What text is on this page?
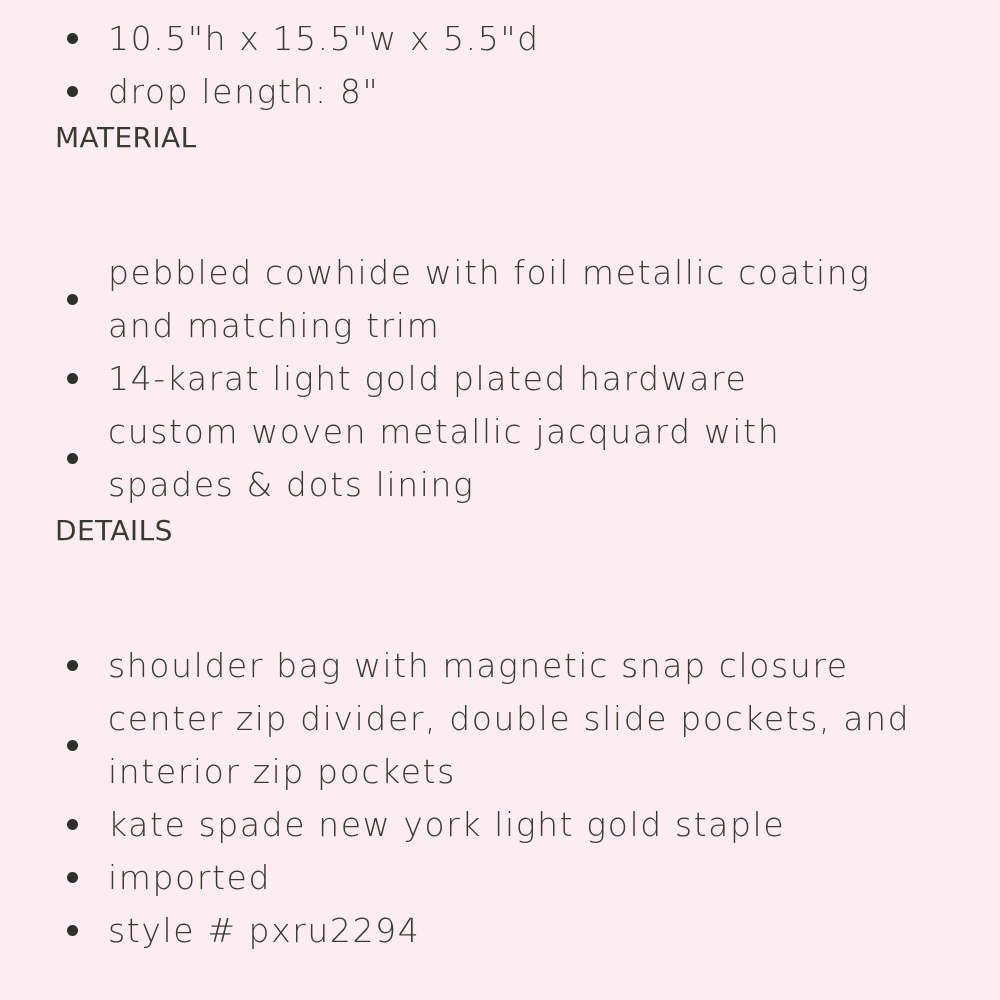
10.5"h x 15.5"w x 5.5"d
drop length: 8"
MATERIAL
pebbled cowhide with foil metallic coating and matching trim
14-karat light gold plated hardware
custom woven metallic jacquard with spades & dots lining
DETAILS
shoulder bag with magnetic snap closure
center zip divider, double slide pockets, and interior zip pockets
kate spade new york light gold staple
imported
style # pxru2294
